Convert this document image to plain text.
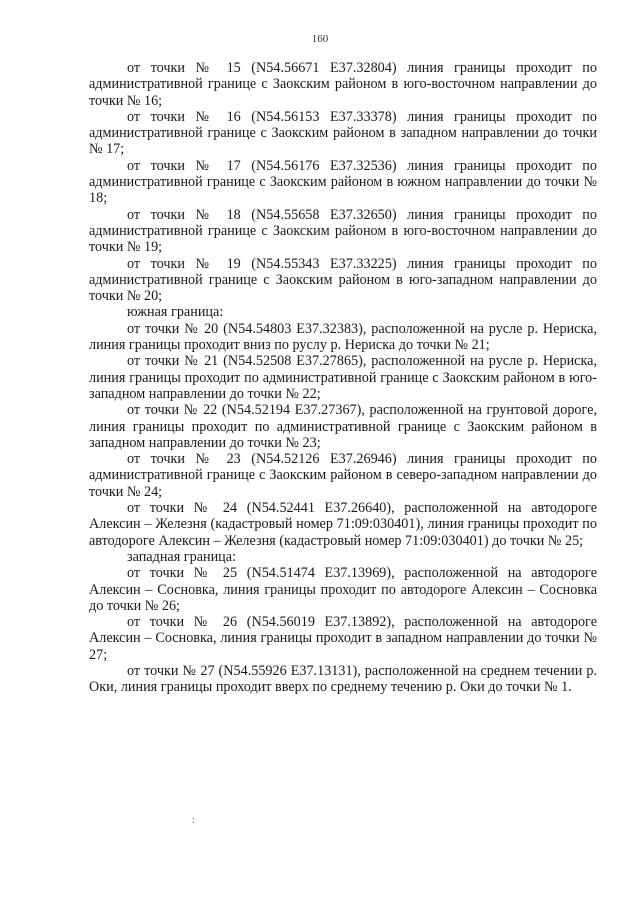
160

от точки № 15 (N54.56671 E37.32804) линия границы проходит по административной границе с Заокским районом в юго-восточном направлении до точки № 16;

от точки № 16 (N54.56153 E37.33378) линия границы проходит по административной границе с Заокским районом в западном направлении до точки № 17;

от точки № 17 (N54.56176 E37.32536) линия границы проходит по административной границе с Заокским районом в южном направлении до точки № 18;

от точки № 18 (N54.55658 E37.32650) линия границы проходит по административной границе с Заокским районом в юго-восточном направлении до точки № 19;

от точки № 19 (N54.55343 E37.33225) линия границы проходит по административной границе с Заокским районом в юго-западном направлении до точки № 20;

южная граница:

от точки № 20 (N54.54803 E37.32383), расположенной на русле р. Нериска, линия границы проходит вниз по руслу р. Нериска до точки № 21;

от точки № 21 (N54.52508 E37.27865), расположенной на русле р. Нериска, линия границы проходит по административной границе с Заокским районом в юго-западном направлении до точки № 22;

от точки № 22 (N54.52194 E37.27367), расположенной на грунтовой дороге, линия границы проходит по административной границе с Заокским районом в западном направлении до точки № 23;

от точки № 23 (N54.52126 E37.26946) линия границы проходит по административной границе с Заокским районом в северо-западном направлении до точки № 24;

от точки № 24 (N54.52441 E37.26640), расположенной на автодороге Алексин – Железня (кадастровый номер 71:09:030401), линия границы проходит по автодороге Алексин – Железня (кадастровый номер 71:09:030401) до точки № 25;

западная граница:

от точки № 25 (N54.51474 E37.13969), расположенной на автодороге Алексин – Сосновка, линия границы проходит по автодороге Алексин – Сосновка до точки № 26;

от точки № 26 (N54.56019 E37.13892), расположенной на автодороге Алексин – Сосновка, линия границы проходит в западном направлении до точки № 27;

от точки № 27 (N54.55926 E37.13131), расположенной на среднем течении р. Оки, линия границы проходит вверх по среднему течению р. Оки до точки № 1.

:
